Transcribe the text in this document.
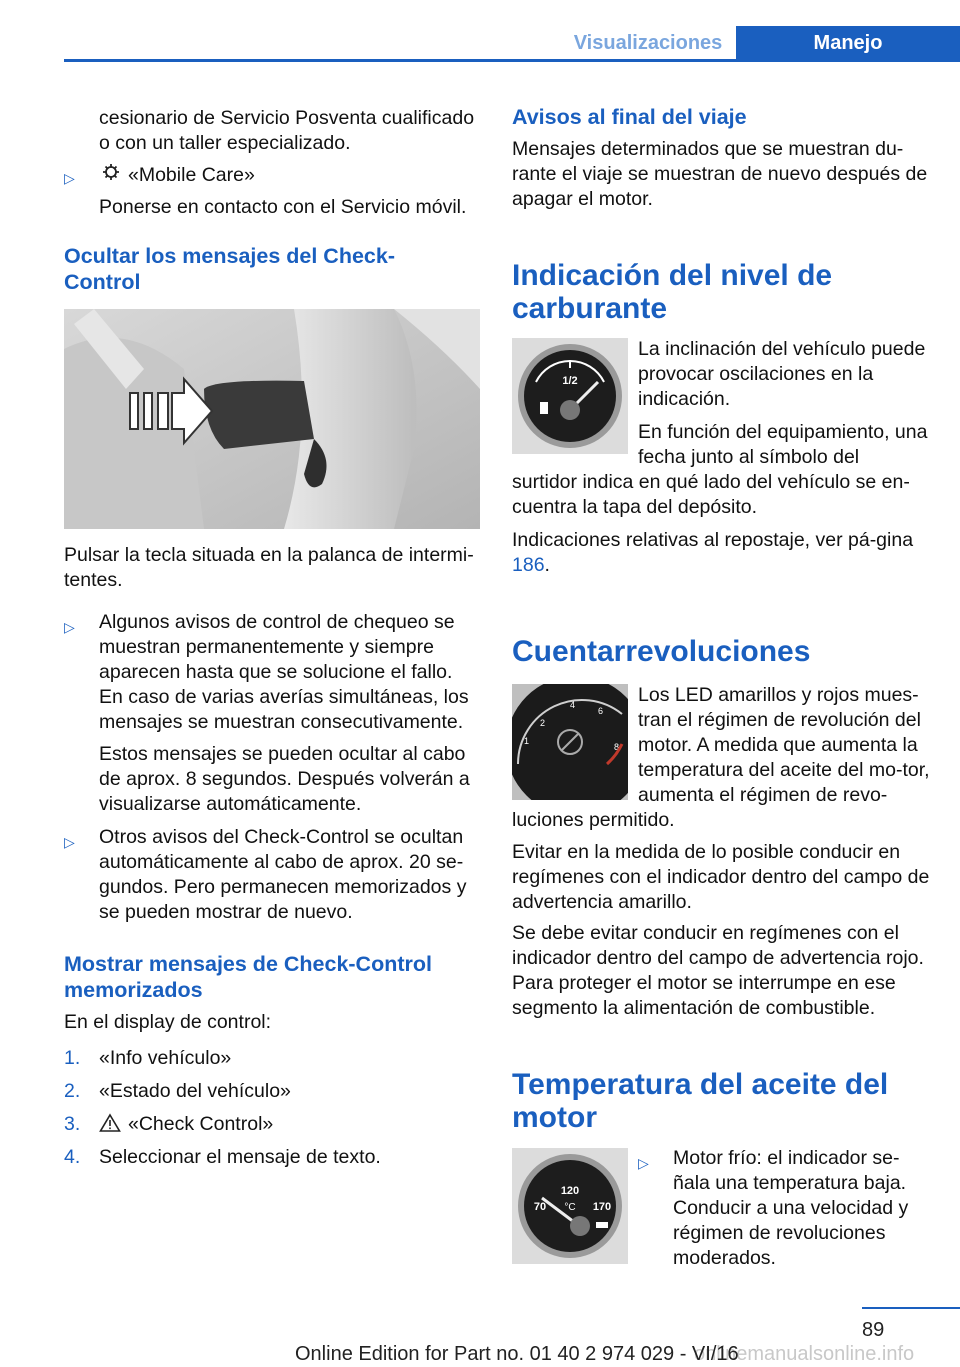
Visualizaciones	Manejo

cesionario de Servicio Posventa cualificado

o con un taller especializado.

▷	«Mobile Care»

Ponerse en contacto con el Servicio móvil.

Ocultar los mensajes del Check-Control

Pulsar la tecla situada en la palanca de intermi-tentes.

▷	Algunos avisos de control de chequeo se muestran permanentemente y siempre aparecen hasta que se solucione el fallo. En caso de varias averías simultáneas, los mensajes se muestran consecutivamente.

Estos mensajes se pueden ocultar al cabo de aprox. 8 segundos. Después volverán a visualizarse automáticamente.

▷	Otros avisos del Check-Control se ocultan automáticamente al cabo de aprox. 20 se-gundos. Pero permanecen memorizados y se pueden mostrar de nuevo.

Mostrar mensajes de Check-Control memorizados

En el display de control:

1. «Info vehículo»

2. «Estado del vehículo»

3. «Check Control»

4. Seleccionar el mensaje de texto.

Avisos al final del viaje

Mensajes determinados que se muestran du-rante el viaje se muestran de nuevo después de apagar el motor.

Indicación del nivel de carburante
1/2

La inclinación del vehículo puede provocar oscilaciones en la indicación.

En función del equipamiento, una fecha junto al símbolo del

surtidor indica en qué lado del vehículo se en-cuentra la tapa del depósito.

Indicaciones relativas al repostaje, ver pá-gina 186.

Cuentarrevoluciones
2
4
6
8
1

Los LED amarillos y rojos mues-tran el régimen de revolución del motor. A medida que aumenta la temperatura del aceite del mo-tor, aumenta el régimen de revo-

luciones permitido.

Evitar en la medida de lo posible conducir en regímenes con el indicador dentro del campo de advertencia amarillo.

Se debe evitar conducir en regímenes con el indicador dentro del campo de advertencia rojo. Para proteger el motor se interrumpe en ese segmento la alimentación de combustible.

Temperatura del aceite del motor
120
70	170
°C
▷	Motor frío: el indicador se-ñala una temperatura baja. Conducir a una velocidad y régimen de revoluciones moderados.

89
onlinemanualsonline.info
Online Edition for Part no. 01 40 2 974 029 - VI/16
